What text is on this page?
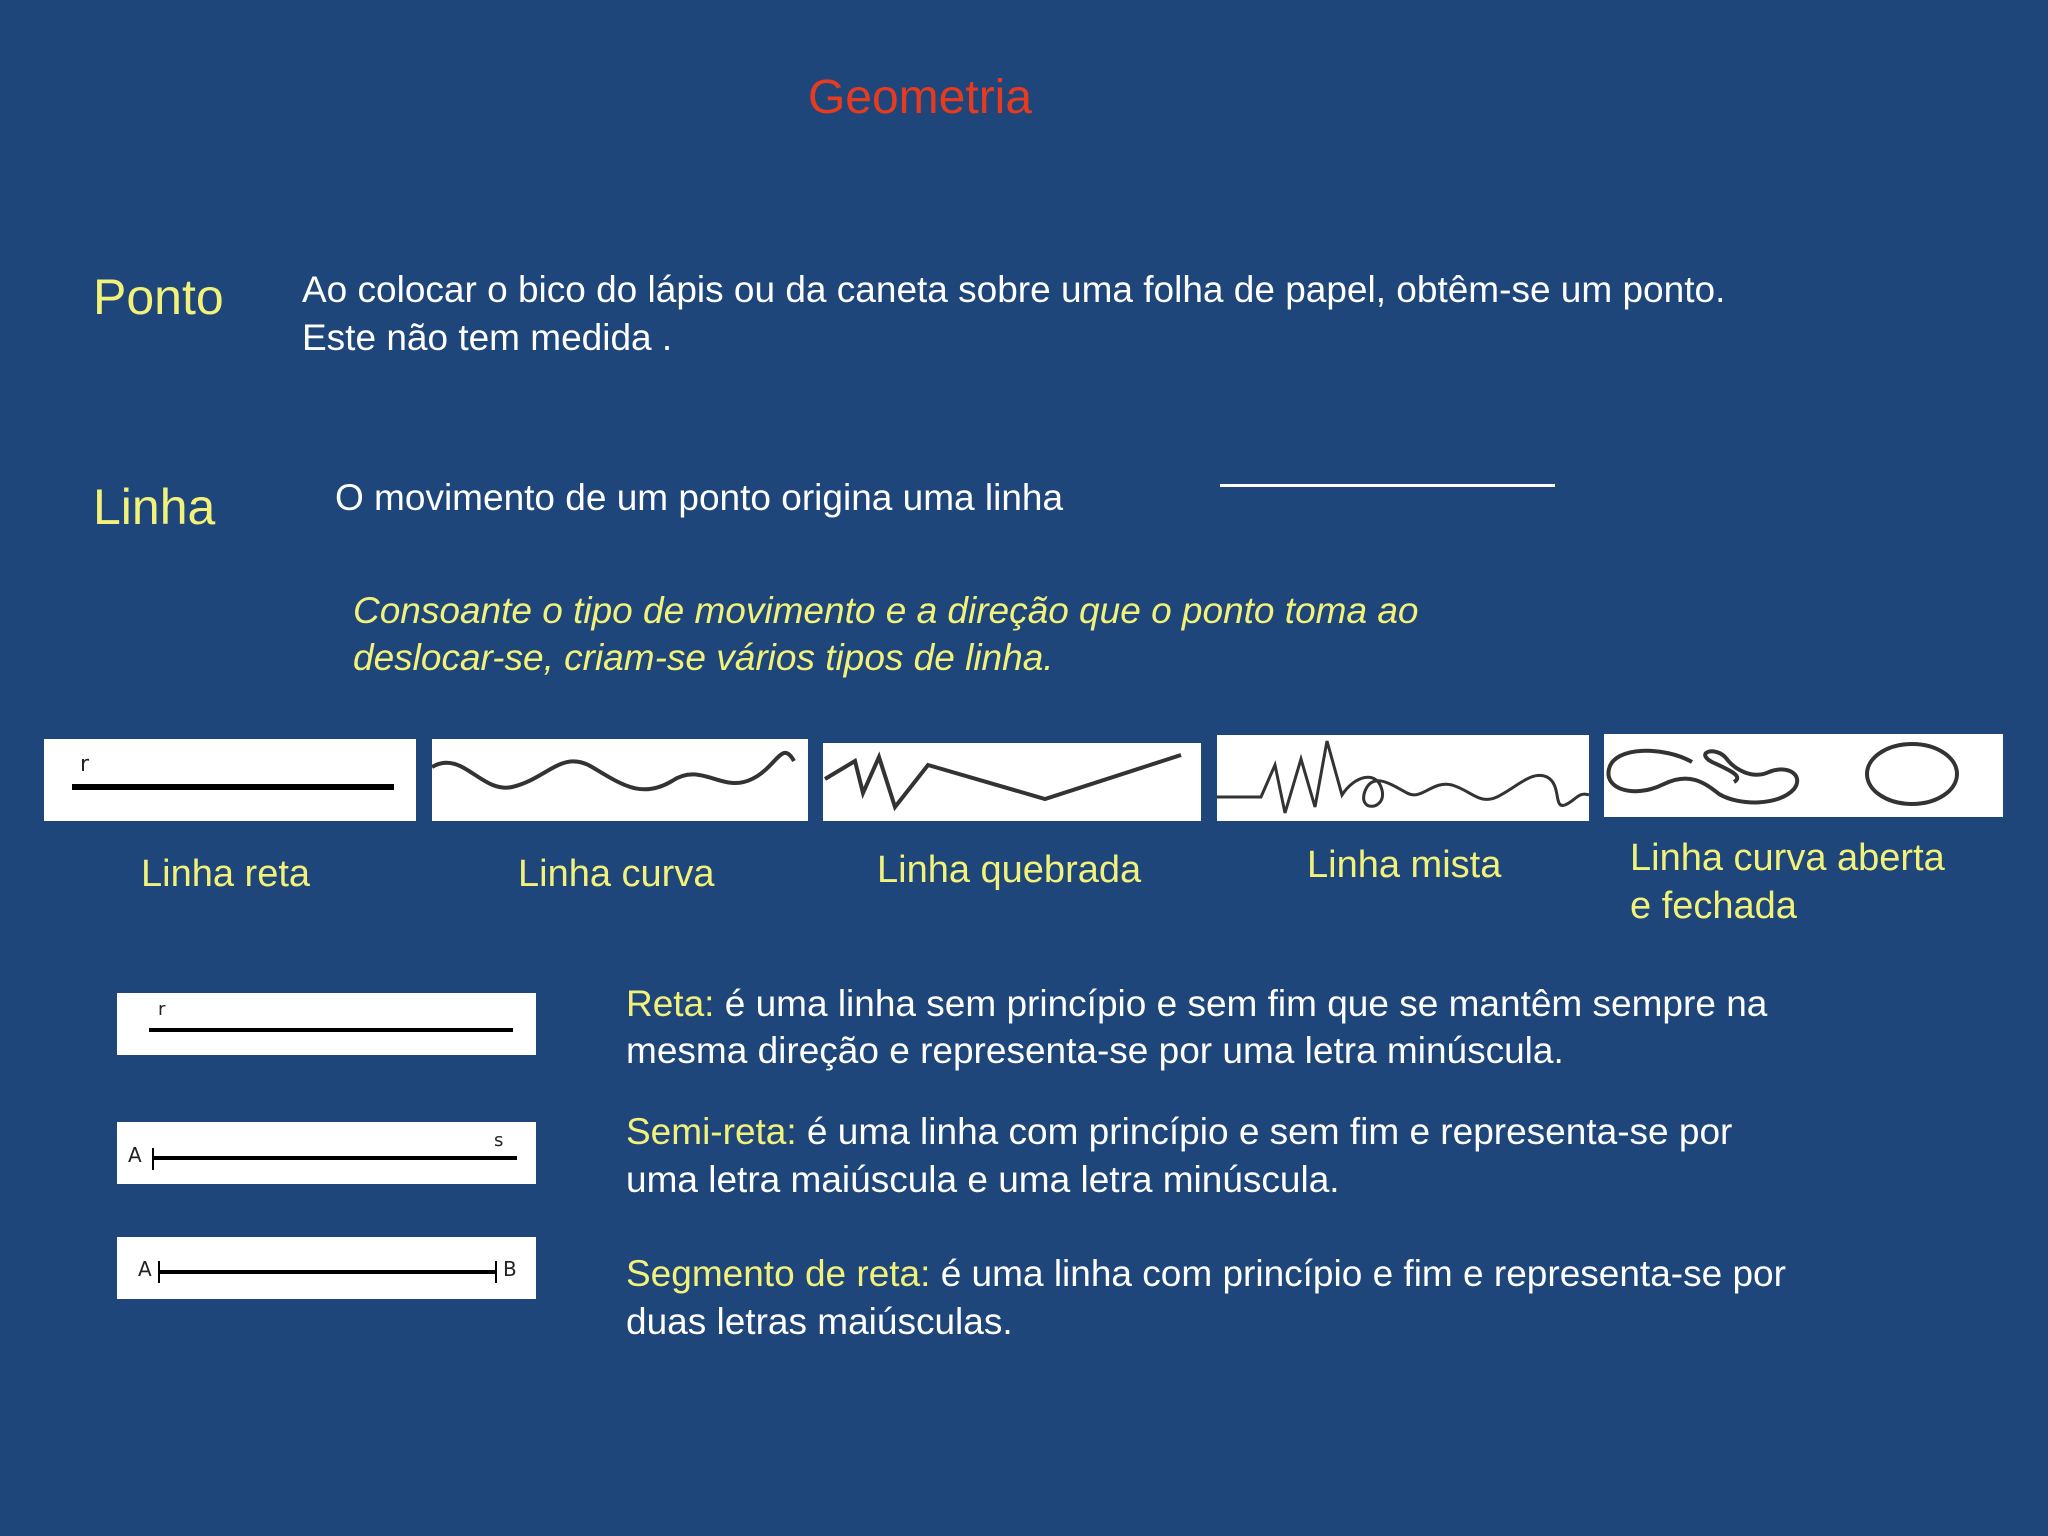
Geometria
Ponto Ao colocar o bico do lápis ou da caneta sobre uma folha de papel, obtêm-se um ponto.
Este não tem medida .
Linha	O movimento de um ponto origina uma linha
Consoante o tipo de movimento e a direção que o ponto toma ao
deslocar-se, criam-se vários tipos de linha.
r
Linha reta	Linha curva	Linha quebrada	Linha mista	Linha curva aberta
e fechada
r
A
s
A	B
Reta: é uma linha sem princípio e sem fim que se mantêm sempre na
mesma direção e representa-se por uma letra minúscula.
Semi-reta: é uma linha com princípio e sem fim e representa-se por
uma letra maiúscula e uma letra minúscula.
Segmento de reta: é uma linha com princípio e fim e representa-se por
duas letras maiúsculas.
